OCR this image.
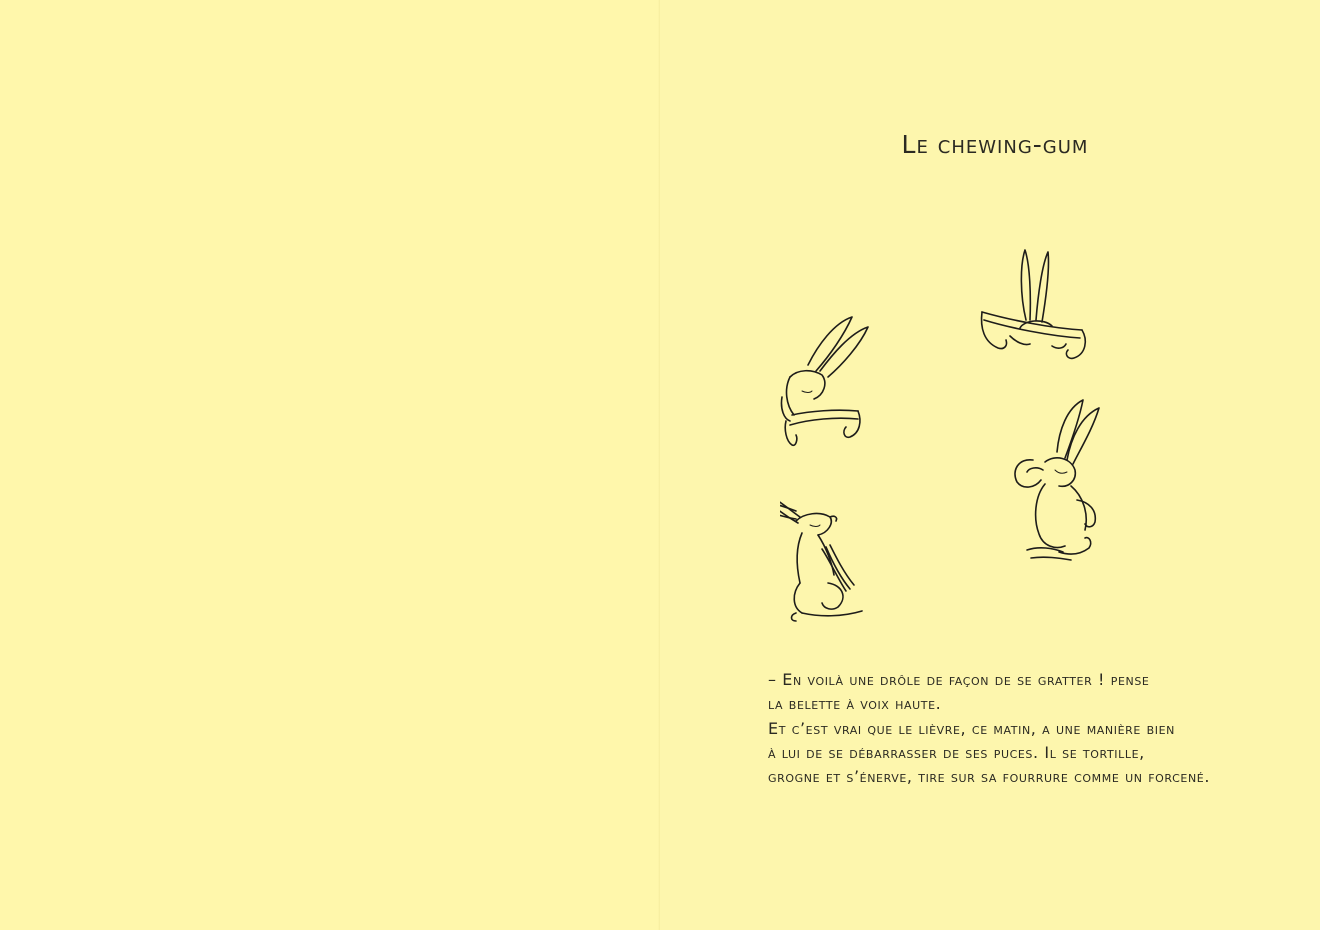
Le chewing-gum

– En voilà une drôle de façon de se gratter ! pense
la belette à voix haute.
Et c’est vrai que le lièvre, ce matin, a une manière bien
à lui de se débarrasser de ses puces. Il se tortille,
grogne et s’énerve, tire sur sa fourrure comme un forcené.
